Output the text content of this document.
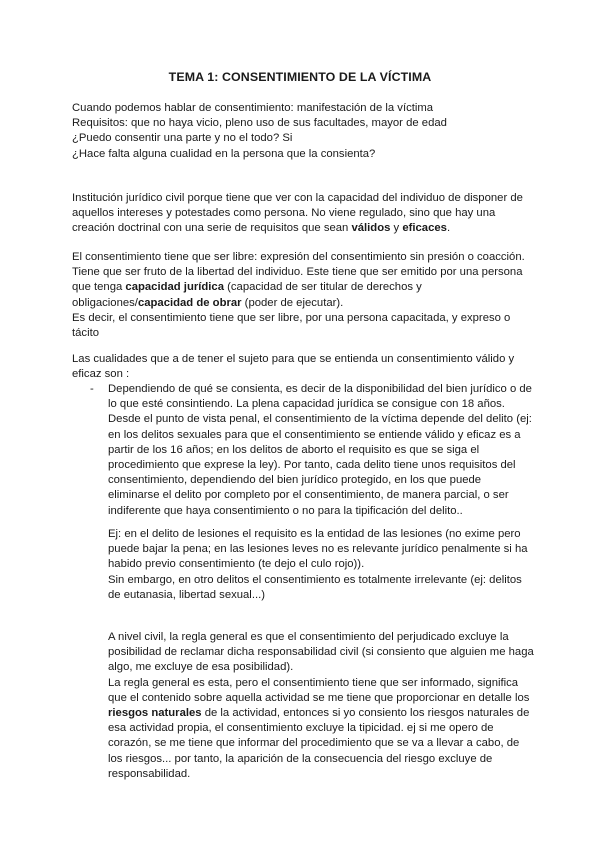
TEMA 1: CONSENTIMIENTO DE LA VÍCTIMA
Cuando podemos hablar de consentimiento: manifestación de la víctima
Requisitos: que no haya vicio, pleno uso de sus facultades, mayor de edad
¿Puedo consentir una parte y no el todo? Si
¿Hace falta alguna cualidad en la persona que la consienta?
Institución jurídico civil porque tiene que ver con la capacidad del individuo de disponer de
aquellos intereses y potestades como persona. No viene regulado, sino que hay una
creación doctrinal con una serie de requisitos que sean válidos y eficaces.
El consentimiento tiene que ser libre: expresión del consentimiento sin presión o coacción.
Tiene que ser fruto de la libertad del individuo. Este tiene que ser emitido por una persona
que tenga capacidad jurídica (capacidad de ser titular de derechos y
obligaciones/capacidad de obrar (poder de ejecutar).
Es decir, el consentimiento tiene que ser libre, por una persona capacitada, y expreso o
tácito
Las cualidades que a de tener el sujeto para que se entienda un consentimiento válido y
eficaz son :
- Dependiendo de qué se consienta, es decir de la disponibilidad del bien jurídico o de
lo que esté consintiendo. La plena capacidad jurídica se consigue con 18 años.
Desde el punto de vista penal, el consentimiento de la víctima depende del delito (ej:
en los delitos sexuales para que el consentimiento se entiende válido y eficaz es a
partir de los 16 años; en los delitos de aborto el requisito es que se siga el
procedimiento que exprese la ley). Por tanto, cada delito tiene unos requisitos del
consentimiento, dependiendo del bien jurídico protegido, en los que puede
eliminarse el delito por completo por el consentimiento, de manera parcial, o ser
indiferente que haya consentimiento o no para la tipificación del delito..
Ej: en el delito de lesiones el requisito es la entidad de las lesiones (no exime pero
puede bajar la pena; en las lesiones leves no es relevante jurídico penalmente si ha
habido previo consentimiento (te dejo el culo rojo)).
Sin embargo, en otro delitos el consentimiento es totalmente irrelevante (ej: delitos
de eutanasia, libertad sexual...)
A nivel civil, la regla general es que el consentimiento del perjudicado excluye la
posibilidad de reclamar dicha responsabilidad civil (si consiento que alguien me haga
algo, me excluye de esa posibilidad).
La regla general es esta, pero el consentimiento tiene que ser informado, significa
que el contenido sobre aquella actividad se me tiene que proporcionar en detalle los
riesgos naturales de la actividad, entonces si yo consiento los riesgos naturales de
esa actividad propia, el consentimiento excluye la tipicidad. ej si me opero de
corazón, se me tiene que informar del procedimiento que se va a llevar a cabo, de
los riesgos... por tanto, la aparición de la consecuencia del riesgo excluye de
responsabilidad.
